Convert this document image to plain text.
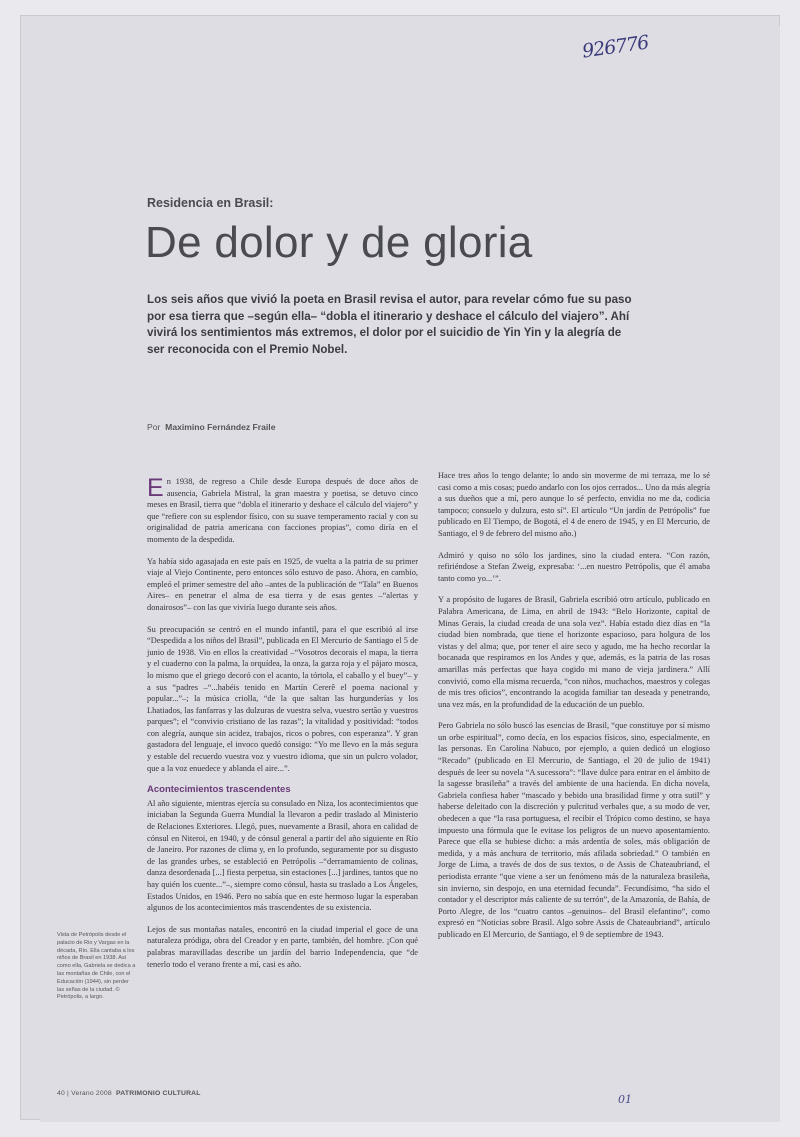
926776
Residencia en Brasil:
De dolor y de gloria
Los seis años que vivió la poeta en Brasil revisa el autor, para revelar cómo fue su paso por esa tierra que –según ella– “dobla el itinerario y deshace el cálculo del viajero”. Ahí vivirá los sentimientos más extremos, el dolor por el suicidio de Yin Yin y la alegría de ser reconocida con el Premio Nobel.
Por Maximino Fernández Fraile

En 1938, de regreso a Chile desde Europa después de doce años de ausencia, Gabriela Mistral, la gran maestra y poetisa, se detuvo cinco meses en Brasil, tierra que “dobla el itinerario y deshace el cálculo del viajero” y que “refiere con su esplendor físico, con su suave temperamento racial y con su originalidad de patria americana con facciones propias”, como diría en el momento de la despedida.

Ya había sido agasajada en este país en 1925, de vuelta a la patria de su primer viaje al Viejo Continente, pero entonces sólo estuvo de paso. Ahora, en cambio, empleó el primer semestre del año –antes de la publicación de “Tala” en Buenos Aires– en penetrar el alma de esa tierra y de esas gentes –“alertas y donairosos”– con las que viviría luego durante seis años.

Su preocupación se centró en el mundo infantil, para el que escribió al irse “Despedida a los niños del Brasil”, publicada en El Mercurio de Santiago el 5 de junio de 1938. Vio en ellos la creatividad –“Vosotros decorais el mapa, la tierra y el cuaderno con la palma, la orquídea, la onza, la garza roja y el pájaro mosca, lo mismo que el griego decoró con el acanto, la tórtola, el caballo y el buey”– y a sus “padres –“...habéis tenido en Martín Cererê el poema nacional y popular...”–; la música criolla, “de la que saltan las hurgunderías y los Lhatiados, las fanfarras y las dulzuras de vuestra selva, vuestro sertão y vuestros parques”; el “convivio cristiano de las razas”; la vitalidad y positividad: “todos con alegría, aunque sin acidez, trabajos, ricos o pobres, con esperanza”. Y gran gastadora del lenguaje, el invoco quedó consigo: “Yo me llevo en la más segura y estable del recuerdo vuestra voz y vuestro idioma, que sin un pulcro volador, que a la voz enuedece y ablanda el aire...”.

Acontecimientos trascendentes

Al año siguiente, mientras ejercía su consulado en Niza, los acontecimientos que iniciaban la Segunda Guerra Mundial la llevaron a pedir traslado al Ministerio de Relaciones Exteriores. Llegó, pues, nuevamente a Brasil, ahora en calidad de cónsul en Niteroi, en 1940, y de cónsul general a partir del año siguiente en Río de Janeiro. Por razones de clima y, en lo profundo, seguramente por su disgusto de las grandes urbes, se estableció en Petrópolis –“derramamiento de colinas, danza desordenada [...] fiesta perpetua, sin estaciones [...] jardines, tantos que no hay quién los cuente...”–, siempre como cónsul, hasta su traslado a Los Ángeles, Estados Unidos, en 1946. Pero no sabía que en este hermoso lugar la esperaban algunos de los acontecimientos más trascendentes de su existencia.

Lejos de sus montañas natales, encontró en la ciudad imperial el goce de una naturaleza pródiga, obra del Creador y en parte, también, del hombre. ¡Con qué palabras maravilladas describe un jardín del barrio Independencia, que “de tenerlo todo el verano frente a mí, casi es año.

Hace tres años lo tengo delante; lo ando sin moverme de mi terraza, me lo sé casi como a mis cosas; puedo andarlo con los ojos cerrados... Uno da más alegría a sus dueños que a mí, pero aunque lo sé perfecto, envidia no me da, codicia tampoco; consuelo y dulzura, esto sí”. El artículo “Un jardín de Petrópolis” fue publicado en El Tiempo, de Bogotá, el 4 de enero de 1945, y en El Mercurio, de Santiago, el 9 de febrero del mismo año.)

Admiró y quiso no sólo los jardines, sino la ciudad entera. “Con razón, refiriéndose a Stefan Zweig, expresaba: ‘...en nuestro Petrópolis, que él amaba tanto como yo...’”.

Y a propósito de lugares de Brasil, Gabriela escribió otro artículo, publicado en Palabra Americana, de Lima, en abril de 1943: “Belo Horizonte, capital de Minas Gerais, la ciudad creada de una sola vez”. Había estado diez días en “la ciudad bien nombrada, que tiene el horizonte espacioso, para holgura de los vistas y del alma; que, por tener el aire seco y agudo, me ha hecho recordar la bocanada que respiramos en los Andes y que, además, es la patria de las rosas amarillas más perfectas que haya cogido mi mano de vieja jardinera.” Allí convivió, como ella misma recuerda, “con niños, muchachos, maestros y colegas de mis tres oficios”, encontrando la acogida familiar tan deseada y penetrando, una vez más, en la profundidad de la educación de un pueblo.

Pero Gabriela no sólo buscó las esencias de Brasil, “que constituye por sí mismo un orbe espiritual”, como decía, en los espacios físicos, sino, especialmente, en las personas. En Carolina Nabuco, por ejemplo, a quien dedicó un elogioso “Recado” (publicado en El Mercurio, de Santiago, el 20 de julio de 1941) después de leer su novela “A sucessora”: “llave dulce para entrar en el ámbito de la sagesse brasileña” a través del ambiente de una hacienda. En dicha novela, Gabriela confiesa haber “mascado y bebido una brasilidad firme y otra sutil” y haberse deleitado con la discreción y pulcritud verbales que, a su modo de ver, obedecen a que “la rasa portuguesa, el recibir el Trópico como destino, se haya impuesto una fórmula que le evitase los peligros de un nuevo aposentamiento. Parece que ella se hubiese dicho: a más ardentía de soles, más obligación de medida, y a más anchura de territorio, más afilada sobriedad.” O también en Jorge de Lima, a través de dos de sus textos, o de Assis de Chateaubriand, el periodista errante “que viene a ser un fenómeno más de la naturaleza brasileña, sin invierno, sin despojo, en una eternidad fecunda”. Fecundísimo, “ha sido el contador y el descriptor más caliente de su terrón”, de la Amazonía, de Bahía, de Porto Alegre, de los “cuatro cantos –genuinos– del Brasil elefantino”, como expresó en “Noticias sobre Brasil. Algo sobre Assis de Chateaubriand”, artículo publicado en El Mercurio, de Santiago, el 9 de septiembre de 1943.

Vista de Petrópolis desde el palacio de Rio y Vargas en la década, Río. Ella cantaba a los niños de Brasil en 1938. Así como ella, Gabriela se dedica a las montañas de Chile, con el Educación (1944), sin perder las señas de la ciudad. © Petrópolis, a largo.
40 | Verano 2008 PATRIMONIO CULTURAL	01
